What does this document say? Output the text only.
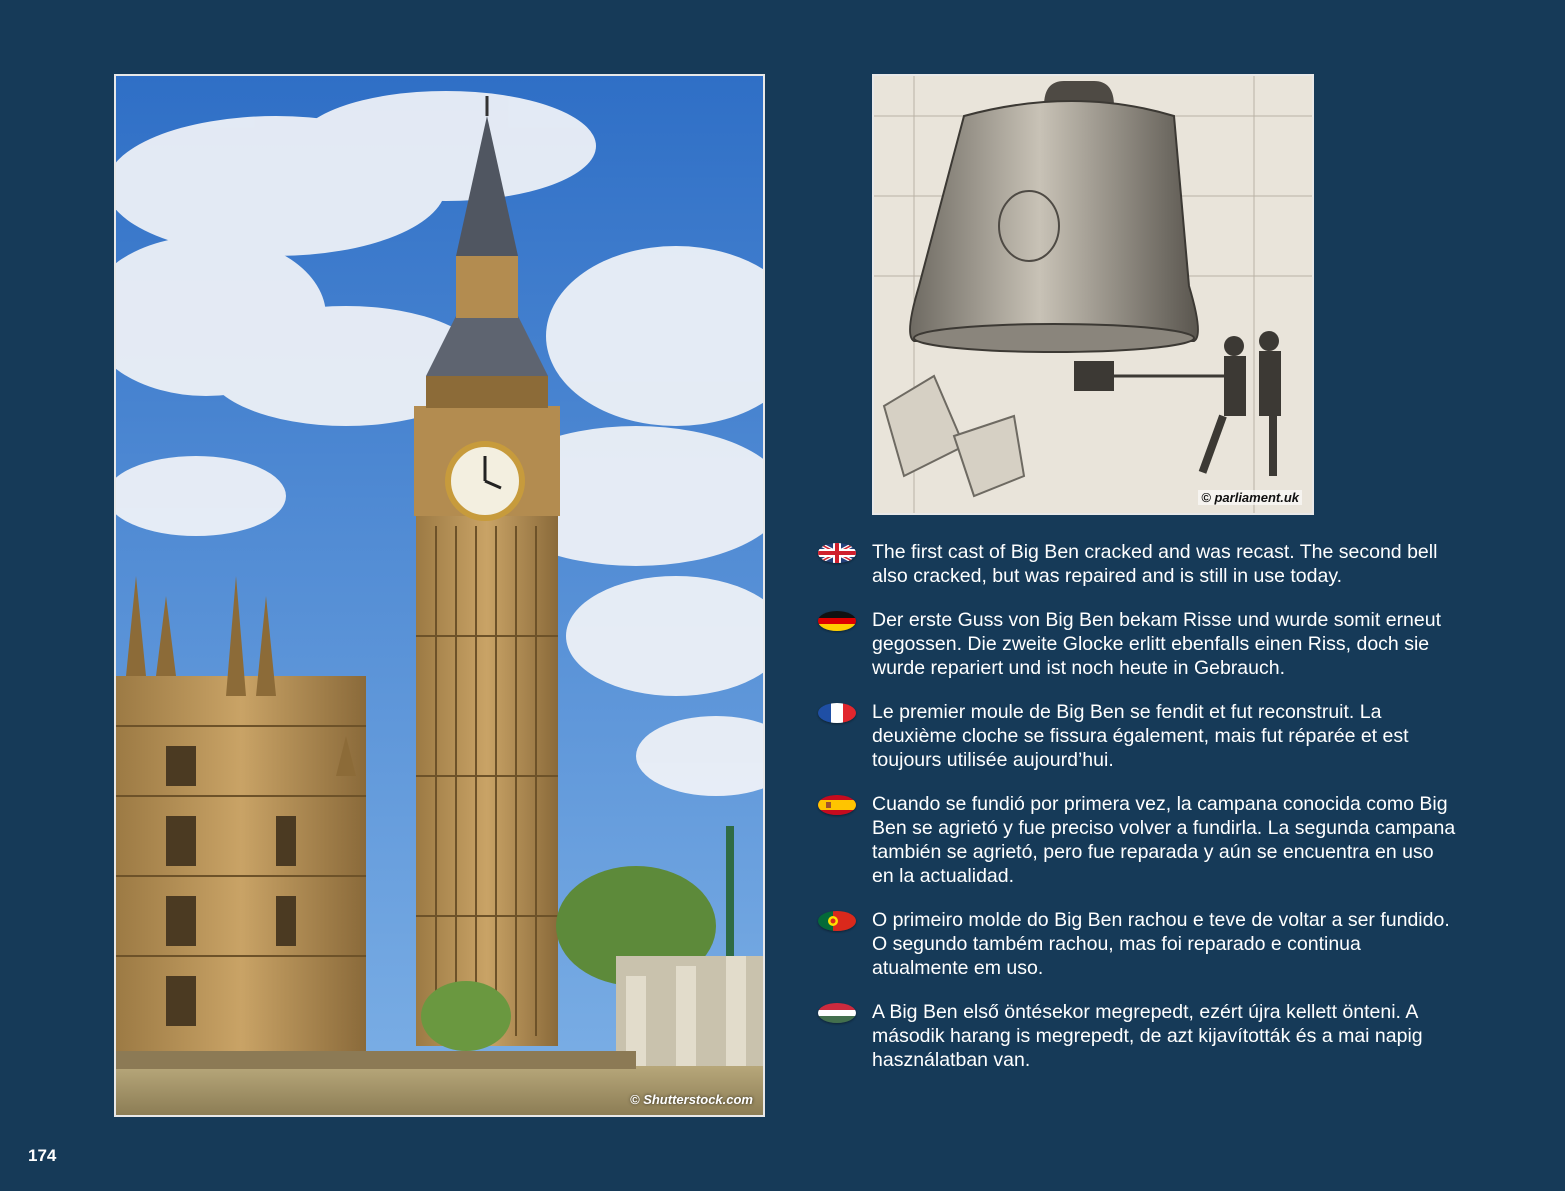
© Shutterstock.com
© parliament.uk
The first cast of Big Ben cracked and was recast. The second bell also cracked, but was repaired and is still in use today.
Der erste Guss von Big Ben bekam Risse und wurde somit erneut gegossen. Die zweite Glocke erlitt ebenfalls einen Riss, doch sie wurde repariert und ist noch heute in Gebrauch.
Le premier moule de Big Ben se fendit et fut reconstruit. La deuxième cloche se fissura également, mais fut réparée et est toujours utilisée aujourd’hui.
Cuando se fundió por primera vez, la campana conocida como Big Ben se agrietó y fue preciso volver a fundirla. La segunda campana también se agrietó, pero fue reparada y aún se encuentra en uso en la actualidad.
O primeiro molde do Big Ben rachou e teve de voltar a ser fundido. O segundo também rachou, mas foi reparado e continua atualmente em uso.
A Big Ben első öntésekor megrepedt, ezért újra kellett önteni. A második harang is megrepedt, de azt kijavították és a mai napig használatban van.
174
